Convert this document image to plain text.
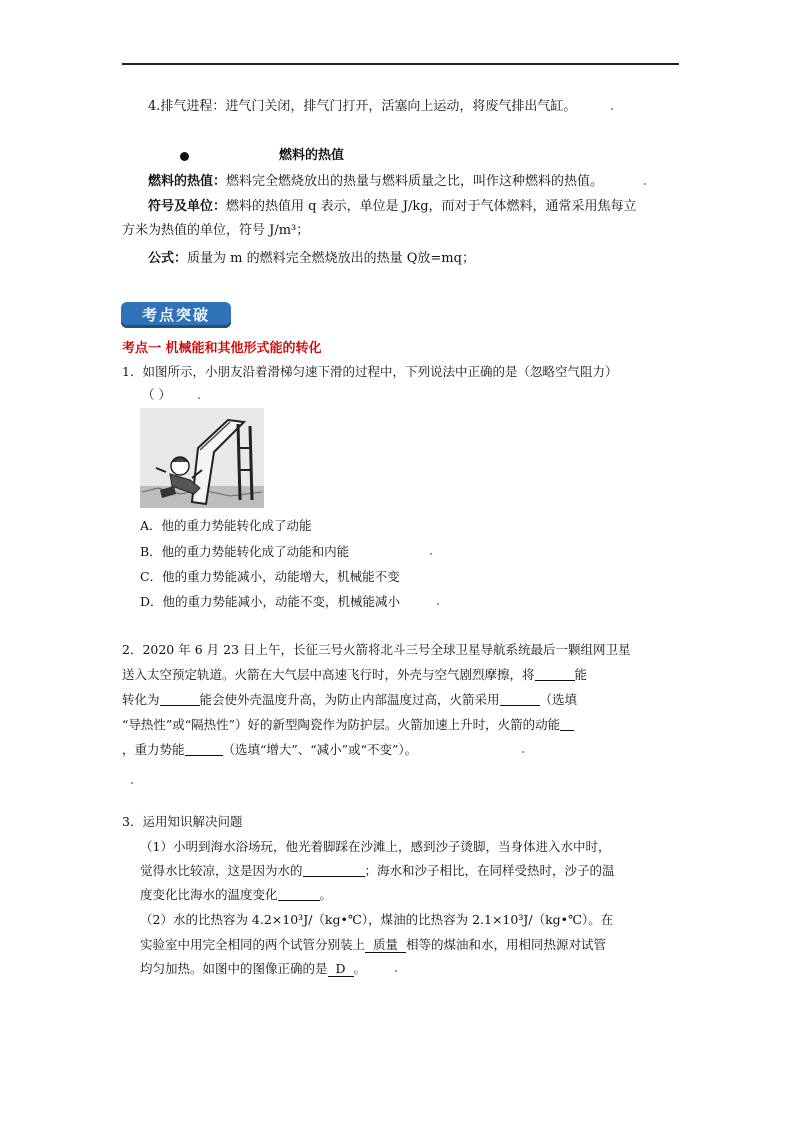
4.排气进程：进气门关闭，排气门打开，活塞向上运动，将废气排出气缸。
燃料的热值
燃料的热值：燃料完全燃烧放出的热量与燃料质量之比，叫作这种燃料的热值。
符号及单位：燃料的热值用 q 表示，单位是 J/kg，而对于气体燃料，通常采用焦每立
方米为热值的单位，符号 J/m³；
公式：质量为 m 的燃料完全燃烧放出的热量 Q放=mq；
考点突破
考点一 机械能和其他形式能的转化
1．如图所示，小朋友沿着滑梯匀速下滑的过程中，下列说法中正确的是（忽略空气阻力）
（ ）
A．他的重力势能转化成了动能
B．他的重力势能转化成了动能和内能
C．他的重力势能减小，动能增大，机械能不变
D．他的重力势能减小，动能不变，机械能减小
2．2020 年 6 月 23 日上午，长征三号火箭将北斗三号全球卫星导航系统最后一颗组网卫星
送入太空预定轨道。火箭在大气层中高速飞行时，外壳与空气剧烈摩擦，将	能
转化为	能会使外壳温度升高，为防止内部温度过高，火箭采用	（选填
“导热性”或“隔热性”）好的新型陶瓷作为防护层。火箭加速上升时，火箭的动能
，重力势能	（选填“增大”、“减小”或“不变”）。
3．运用知识解决问题
（1）小明到海水浴场玩，他光着脚踩在沙滩上，感到沙子烫脚，当身体进入水中时，
觉得水比较凉，这是因为水的	；海水和沙子相比，在同样受热时，沙子的温
度变化比海水的温度变化	。
（2）水的比热容为 4.2×10³J/（kg•℃），煤油的比热容为 2.1×10³J/（kg•℃）。在
实验室中用完全相同的两个试管分别装上 质量 相等的煤油和水，用相同热源对试管
均匀加热。如图中的图像正确的是 D 。
